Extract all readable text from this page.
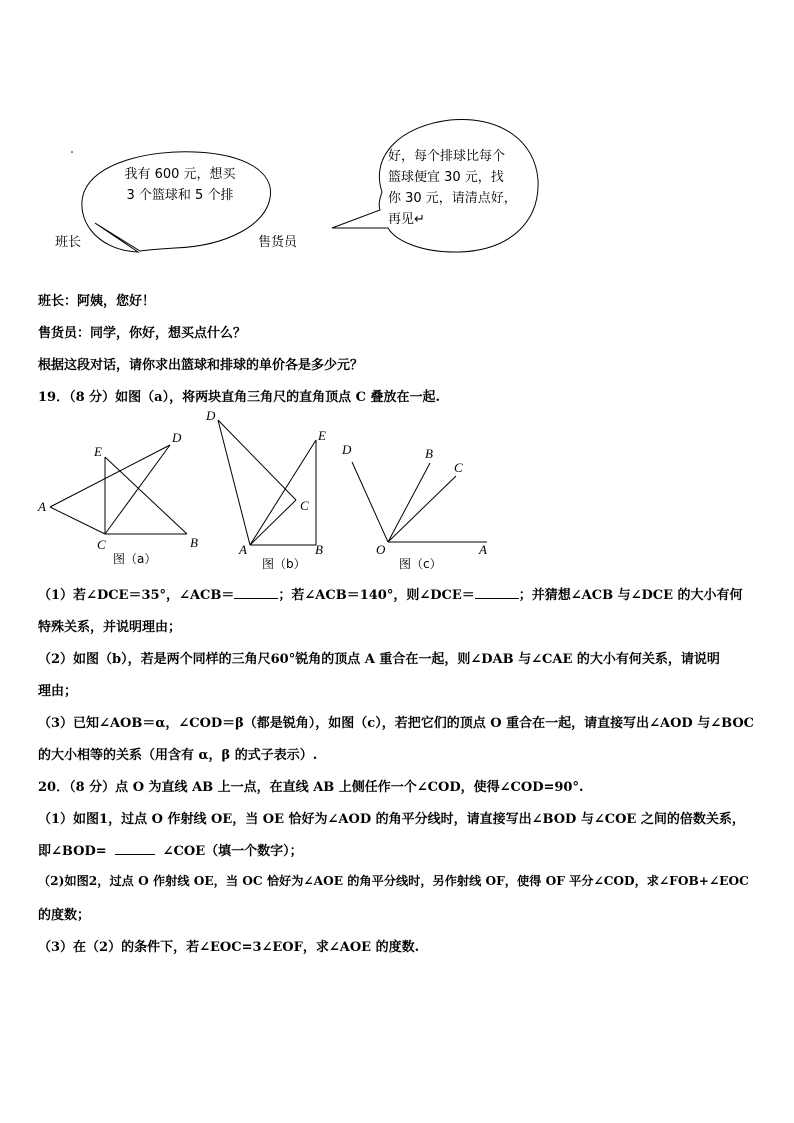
我有 600 元，想买
3 个篮球和 5 个排
好，每个排球比每个
篮球便宜 30 元，找
你 30 元，请清点好，
再见↵
班长	售货员
班长：阿姨，您好！
售货员：同学，你好，想买点什么？
根据这段对话，请你求出篮球和排球的单价各是多少元？
19．（8 分）如图（a），将两块直角三角尺的直角顶点 C 叠放在一起.
E
D
A
C	B
图（a）
D
E
C
A	B
图（b）
D	B
C
O	A
图（c）
（1）若∠DCE＝35°，∠ACB＝	；若∠ACB＝140°，则∠DCE＝	；并猜想∠ACB 与∠DCE 的大小有何
特殊关系，并说明理由；
（2）如图（b），若是两个同样的三角尺60°锐角的顶点 A 重合在一起，则∠DAB 与∠CAE 的大小有何关系，请说明
理由；
（3）已知∠AOB＝α，∠COD＝β（都是锐角），如图（c），若把它们的顶点 O 重合在一起，请直接写出∠AOD 与∠BOC
的大小相等的关系（用含有 α，β 的式子表示）.
20．（8 分）点 O 为直线 AB 上一点，在直线 AB 上侧任作一个∠COD，使得∠COD=90°.
（1）如图1，过点 O 作射线 OE，当 OE 恰好为∠AOD 的角平分线时，请直接写出∠BOD 与∠COE 之间的倍数关系，
即∠BOD=	∠COE（填一个数字）；
（2)如图2，过点 O 作射线 OE，当 OC 恰好为∠AOE 的角平分线时，另作射线 OF，使得 OF 平分∠COD，求∠FOB+∠EOC
的度数；
（3）在（2）的条件下，若∠EOC=3∠EOF，求∠AOE 的度数.
